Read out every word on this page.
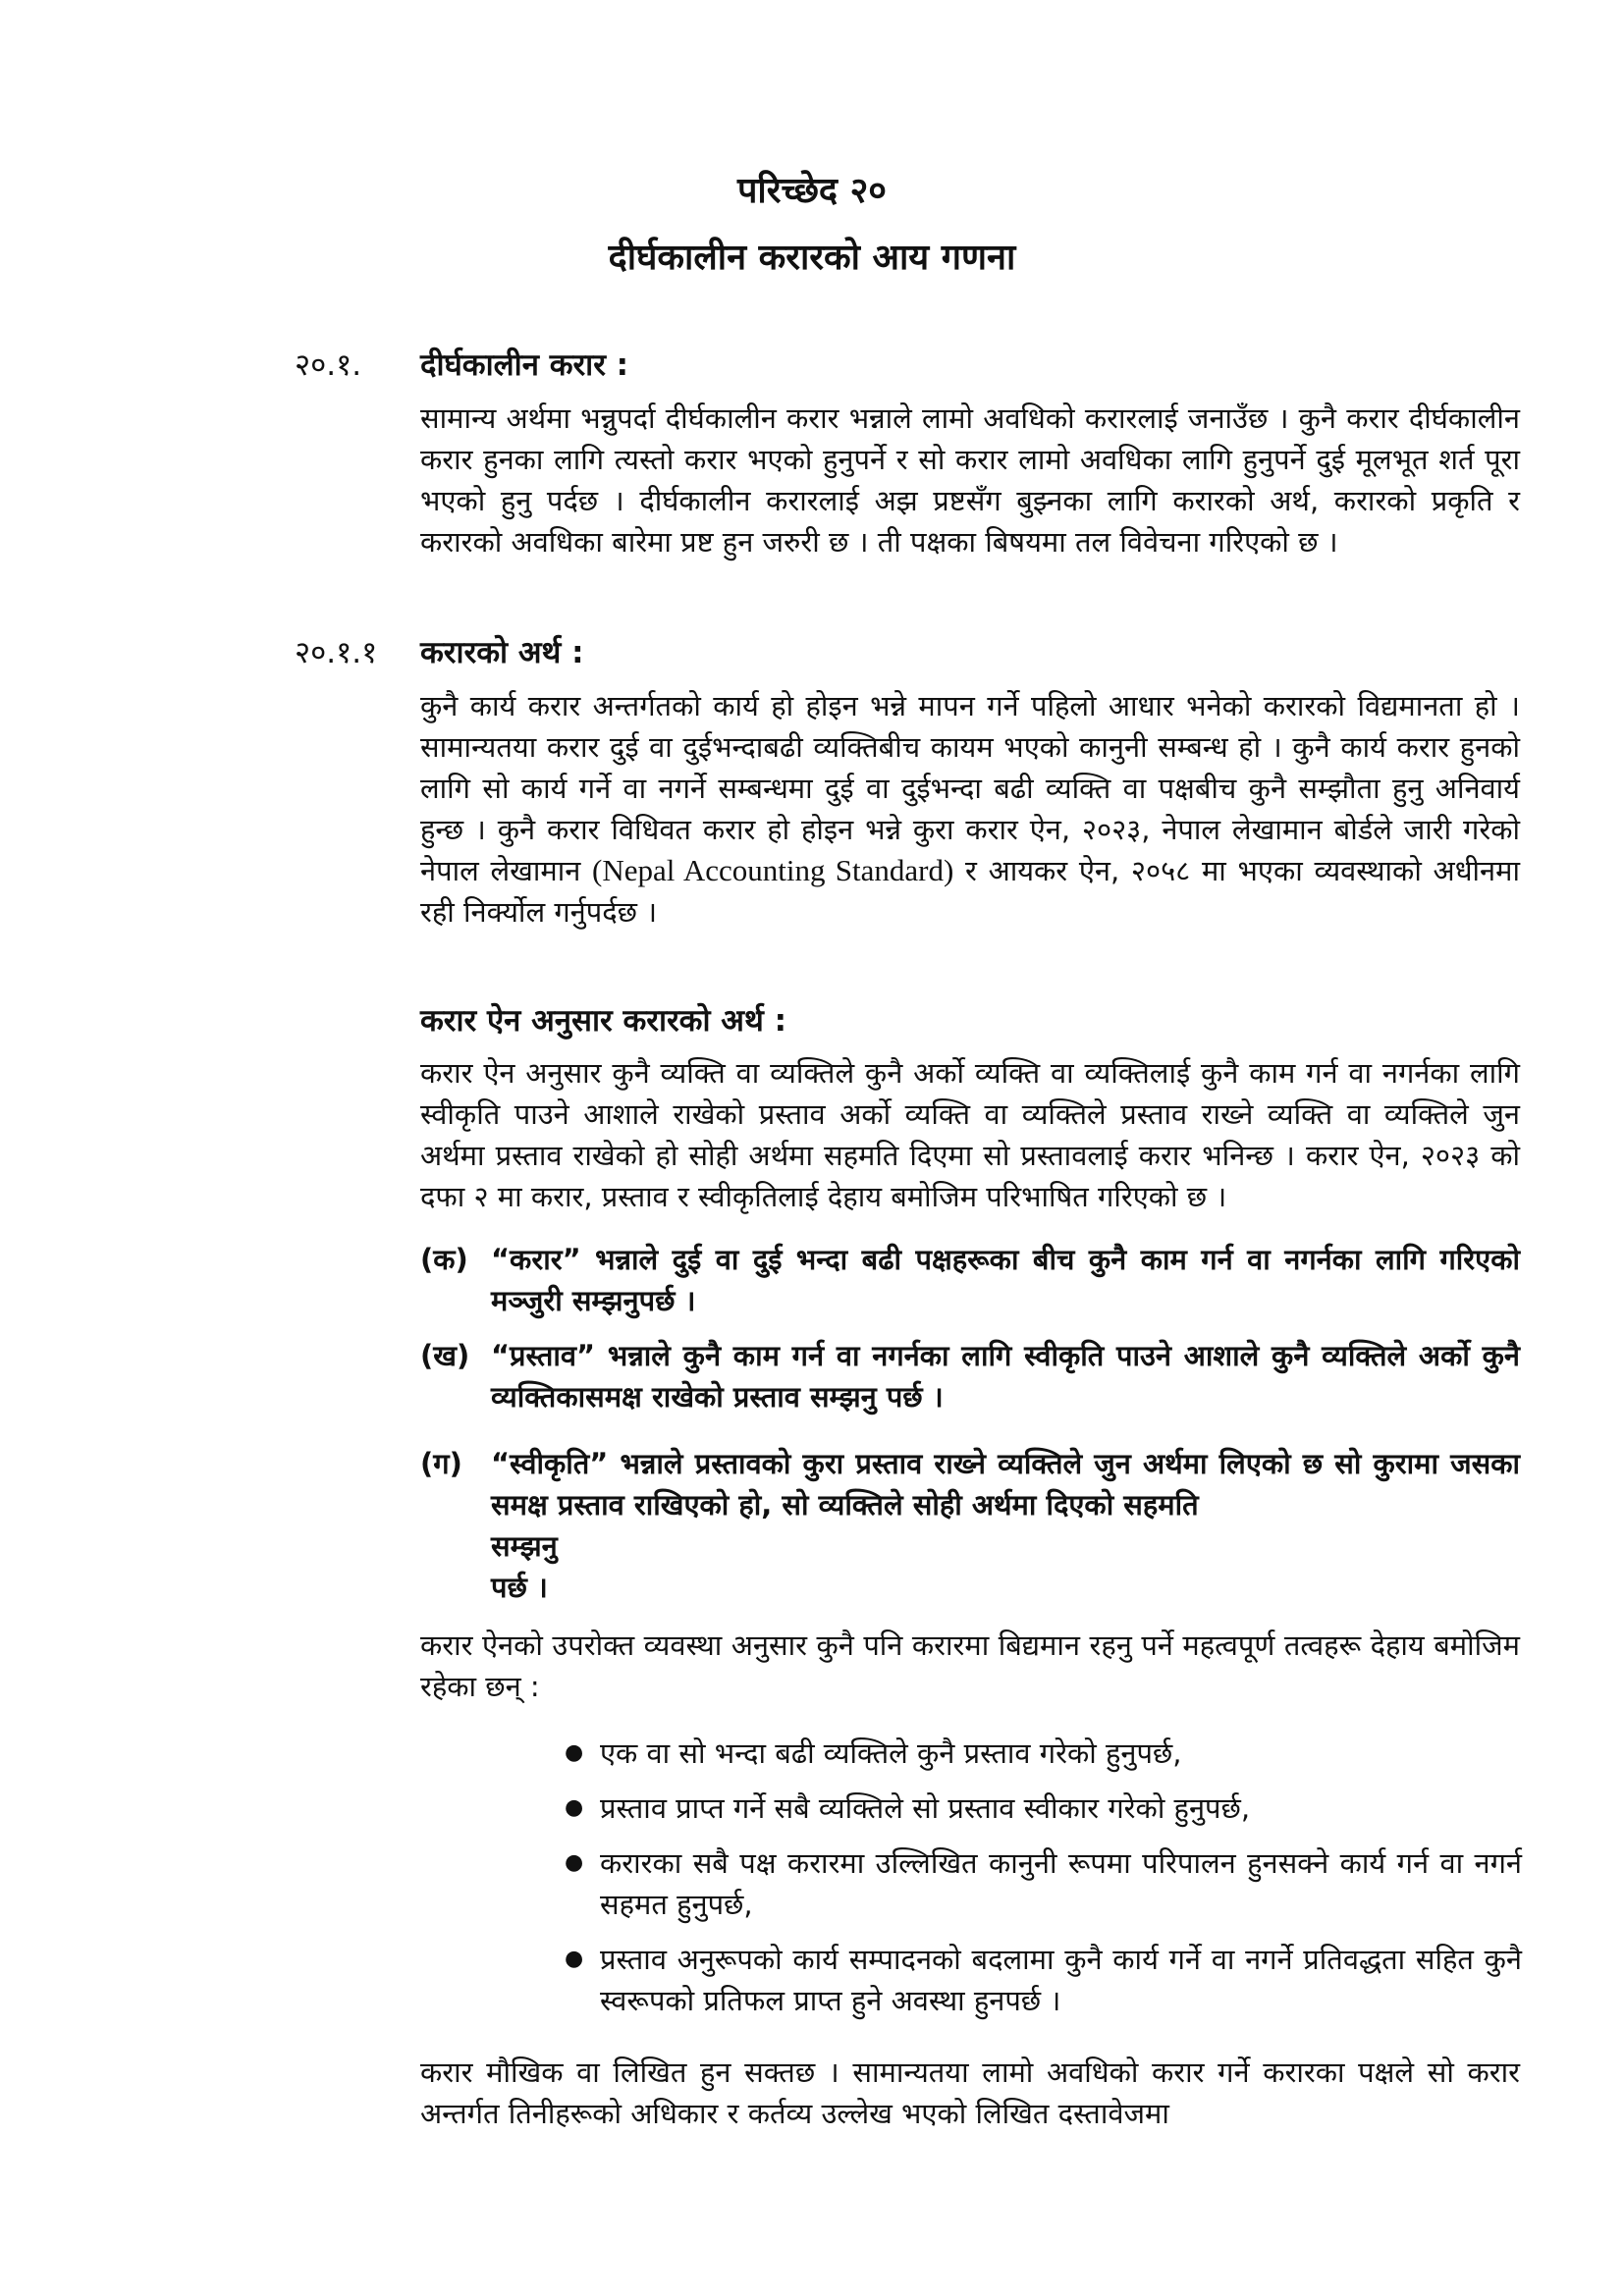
परिच्छेद २०
दीर्घकालीन करारको आय गणना
२०.१. दीर्घकालीन करार :
सामान्य अर्थमा भन्नुपर्दा दीर्घकालीन करार भन्नाले लामो अवधिको करारलाई जनाउँछ । कुनै करार दीर्घकालीन करार हुनका लागि त्यस्तो करार भएको हुनुपर्ने र सो करार लामो अवधिका लागि हुनुपर्ने दुई मूलभूत शर्त पूरा भएको हुनु पर्दछ । दीर्घकालीन करारलाई अझ प्रष्टसँग बुझ्नका लागि करारको अर्थ, करारको प्रकृति र करारको अवधिका बारेमा प्रष्ट हुन जरुरी छ । ती पक्षका बिषयमा तल विवेचना गरिएको छ ।
२०.१.१ करारको अर्थ :
कुनै कार्य करार अन्तर्गतको कार्य हो होइन भन्ने मापन गर्ने पहिलो आधार भनेको करारको विद्यमानता हो । सामान्यतया करार दुई वा दुईभन्दाबढी व्यक्तिबीच कायम भएको कानुनी सम्बन्ध हो । कुनै कार्य करार हुनको लागि सो कार्य गर्ने वा नगर्ने सम्बन्धमा दुई वा दुईभन्दा बढी व्यक्ति वा पक्षबीच कुनै सम्झौता हुनु अनिवार्य हुन्छ । कुनै करार विधिवत करार हो होइन भन्ने कुरा करार ऐन, २०२३, नेपाल लेखामान बोर्डले जारी गरेको नेपाल लेखामान (Nepal Accounting Standard) र आयकर ऐन, २०५८ मा भएका व्यवस्थाको अधीनमा रही निर्क्योल गर्नुपर्दछ ।
करार ऐन अनुसार करारको अर्थ :
करार ऐन अनुसार कुनै व्यक्ति वा व्यक्तिले कुनै अर्को व्यक्ति वा व्यक्तिलाई कुनै काम गर्न वा नगर्नका लागि स्वीकृति पाउने आशाले राखेको प्रस्ताव अर्को व्यक्ति वा व्यक्तिले प्रस्ताव राख्ने व्यक्ति वा व्यक्तिले जुन अर्थमा प्रस्ताव राखेको हो सोही अर्थमा सहमति दिएमा सो प्रस्तावलाई करार भनिन्छ । करार ऐन, २०२३ को दफा २ मा करार, प्रस्ताव र स्वीकृतिलाई देहाय बमोजिम परिभाषित गरिएको छ ।
(क) “करार” भन्नाले दुई वा दुई भन्दा बढी पक्षहरूका बीच कुनै काम गर्न वा नगर्नका लागि गरिएको मञ्जुरी सम्झनुपर्छ ।
(ख) “प्रस्ताव” भन्नाले कुनै काम गर्न वा नगर्नका लागि स्वीकृति पाउने आशाले कुनै व्यक्तिले अर्को कुनै व्यक्तिकासमक्ष राखेको प्रस्ताव सम्झनु पर्छ ।
(ग) “स्वीकृति” भन्नाले प्रस्तावको कुरा प्रस्ताव राख्ने व्यक्तिले जुन अर्थमा लिएको छ सो कुरामा जसका समक्ष प्रस्ताव राखिएको हो, सो व्यक्तिले सोही अर्थमा दिएको सहमति
सम्झनु
पर्छ ।
करार ऐनको उपरोक्त व्यवस्था अनुसार कुनै पनि करारमा बिद्यमान रहनु पर्ने महत्वपूर्ण तत्वहरू देहाय बमोजिम रहेका छन् :
● एक वा सो भन्दा बढी व्यक्तिले कुनै प्रस्ताव गरेको हुनुपर्छ,
● प्रस्ताव प्राप्त गर्ने सबै व्यक्तिले सो प्रस्ताव स्वीकार गरेको हुनुपर्छ,
● करारका सबै पक्ष करारमा उल्लिखित कानुनी रूपमा परिपालन हुनसक्ने कार्य गर्न वा नगर्न सहमत हुनुपर्छ,
● प्रस्ताव अनुरूपको कार्य सम्पादनको बदलामा कुनै कार्य गर्ने वा नगर्ने प्रतिवद्धता सहित कुनै स्वरूपको प्रतिफल प्राप्त हुने अवस्था हुनपर्छ ।
करार मौखिक वा लिखित हुन सक्तछ । सामान्यतया लामो अवधिको करार गर्ने करारका पक्षले सो करार अन्तर्गत तिनीहरूको अधिकार र कर्तव्य उल्लेख भएको लिखित दस्तावेजमा
